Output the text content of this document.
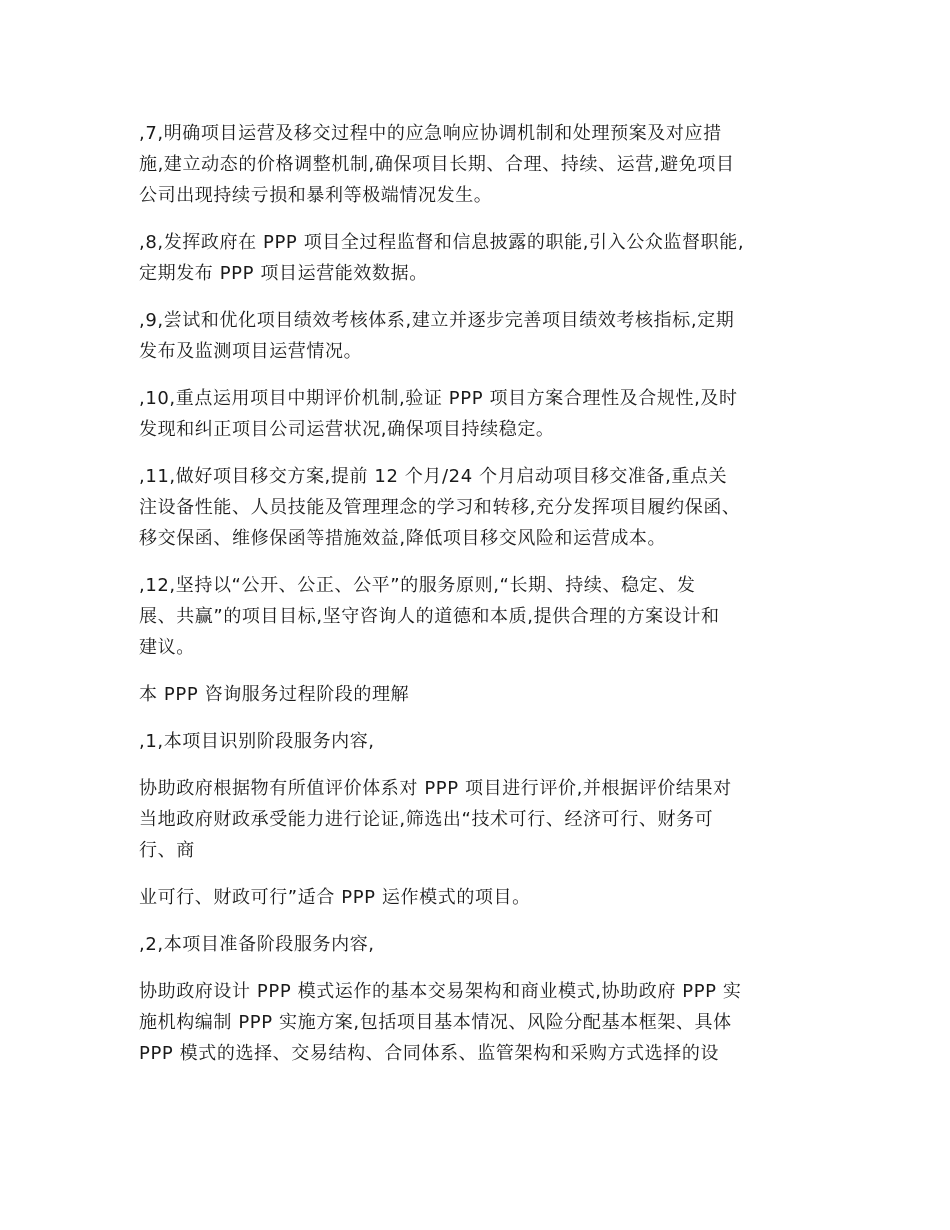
,7,明确项目运营及移交过程中的应急响应协调机制和处理预案及对应措
施,建立动态的价格调整机制,确保项目长期、合理、持续、运营,避免项目
公司出现持续亏损和暴利等极端情况发生。
,8,发挥政府在 PPP 项目全过程监督和信息披露的职能,引入公众监督职能,
定期发布 PPP 项目运营能效数据。
,9,尝试和优化项目绩效考核体系,建立并逐步完善项目绩效考核指标,定期
发布及监测项目运营情况。
,10,重点运用项目中期评价机制,验证 PPP 项目方案合理性及合规性,及时
发现和纠正项目公司运营状况,确保项目持续稳定。
,11,做好项目移交方案,提前 12 个月/24 个月启动项目移交准备,重点关
注设备性能、人员技能及管理理念的学习和转移,充分发挥项目履约保函、
移交保函、维修保函等措施效益,降低项目移交风险和运营成本。
,12,坚持以“公开、公正、公平”的服务原则,“长期、持续、稳定、发
展、共赢”的项目目标,坚守咨询人的道德和本质,提供合理的方案设计和
建议。
本 PPP 咨询服务过程阶段的理解
,1,本项目识别阶段服务内容,
协助政府根据物有所值评价体系对 PPP 项目进行评价,并根据评价结果对
当地政府财政承受能力进行论证,筛选出“技术可行、经济可行、财务可
行、商
业可行、财政可行”适合 PPP 运作模式的项目。
,2,本项目准备阶段服务内容,
协助政府设计 PPP 模式运作的基本交易架构和商业模式,协助政府 PPP 实
施机构编制 PPP 实施方案,包括项目基本情况、风险分配基本框架、具体
PPP 模式的选择、交易结构、合同体系、监管架构和采购方式选择的设
